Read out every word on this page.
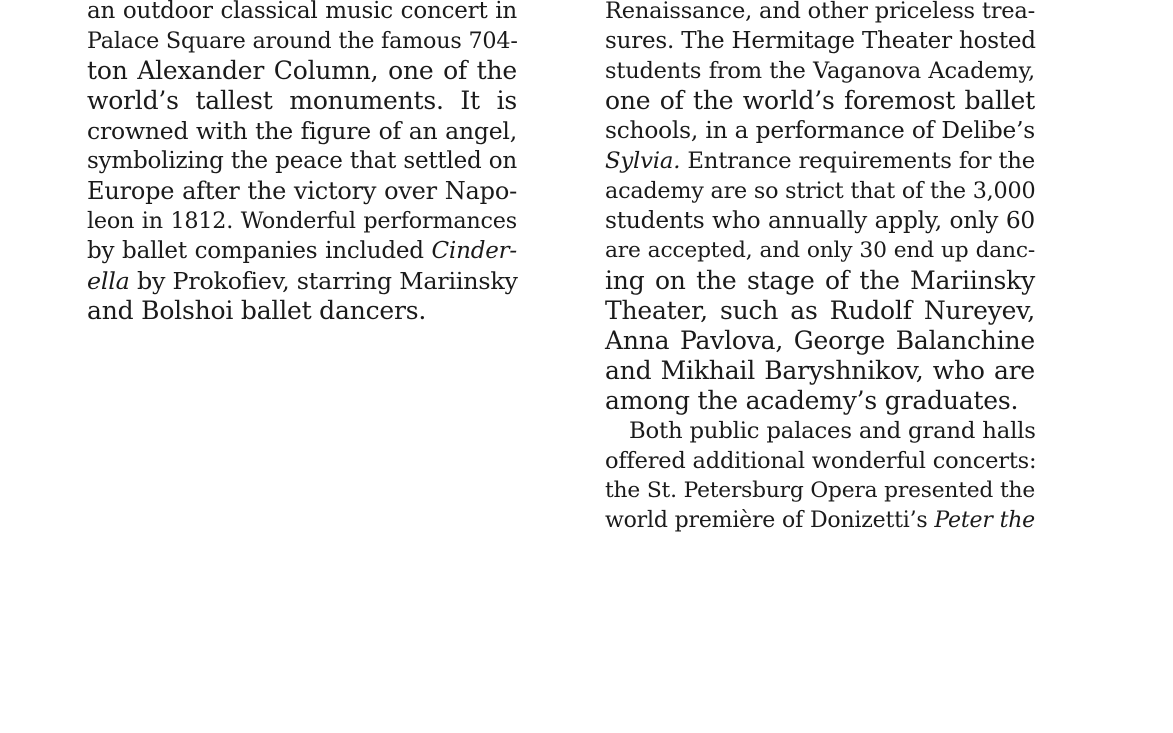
an outdoor classical music concert in
Palace Square around the famous 704-
ton Alexander Column, one of the
world’s tallest monuments. It is
crowned with the figure of an angel,
symbolizing the peace that settled on
Europe after the victory over Napo-
leon in 1812. Wonderful performances
by ballet companies included Cinder-
ella by Prokofiev, starring Mariinsky
and Bolshoi ballet dancers.
Renaissance, and other priceless trea-
sures. The Hermitage Theater hosted
students from the Vaganova Academy,
one of the world’s foremost ballet
schools, in a performance of Delibe’s
Sylvia. Entrance requirements for the
academy are so strict that of the 3,000
students who annually apply, only 60
are accepted, and only 30 end up danc-
ing on the stage of the Mariinsky
Theater, such as Rudolf Nureyev,
Anna Pavlova, George Balanchine
and Mikhail Baryshnikov, who are
among the academy’s graduates.
Both public palaces and grand halls
offered additional wonderful concerts:
the St. Petersburg Opera presented the
world première of Donizetti’s Peter the
